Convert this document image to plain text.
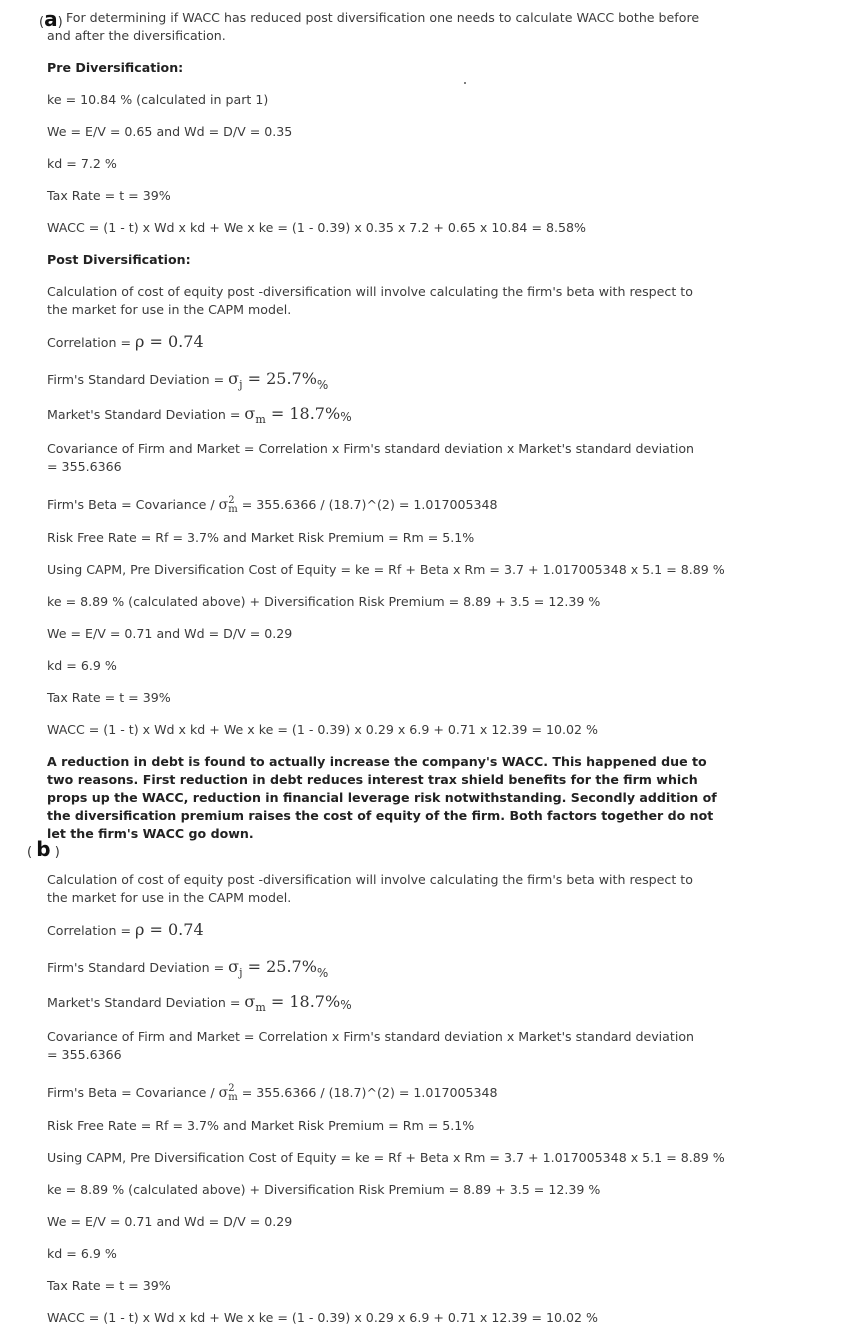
(a) For determining if WACC has reduced post diversification one needs to calculate WACC bothe before and after the diversification.
Pre Diversification:
ke = 10.84 % (calculated in part 1)
We = E/V = 0.65 and Wd = D/V = 0.35
kd = 7.2 %
Tax Rate = t = 39%
WACC = (1 - t) x Wd x kd + We x ke = (1 - 0.39) x 0.35 x 7.2 + 0.65 x 10.84 = 8.58%
Post Diversification:
Calculation of cost of equity post -diversification will involve calculating the firm's beta with respect to the market for use in the CAPM model.
Correlation = ρ = 0.74
Firm's Standard Deviation = $\sigma_j = 25.7\%\%$
Market's Standard Deviation = $\sigma_m = 18.7\%\%$
Covariance of Firm and Market = Correlation x Firm's standard deviation x Market's standard deviation = 355.6366
Firm's Beta = Covariance / σ 2
m = 355.6366 / (18.7)^(2) = 1.017005348
Risk Free Rate = Rf = 3.7% and Market Risk Premium = Rm = 5.1%
Using CAPM, Pre Diversification Cost of Equity = ke = Rf + Beta x Rm = 3.7 + 1.017005348 x 5.1 = 8.89 %
ke = 8.89 % (calculated above) + Diversification Risk Premium = 8.89 + 3.5 = 12.39 %
We = E/V = 0.71 and Wd = D/V = 0.29
kd = 6.9 %
Tax Rate = t = 39%
WACC = (1 - t) x Wd x kd + We x ke = (1 - 0.39) x 0.29 x 6.9 + 0.71 x 12.39 = 10.02 %
A reduction in debt is found to actually increase the company's WACC. This happened due to two reasons. First reduction in debt reduces interest trax shield benefits for the firm which props up the WACC, reduction in financial leverage risk notwithstanding. Secondly addition of the diversification premium raises the cost of equity of the firm. Both factors together do not let the firm's WACC go down.
( b )
Calculation of cost of equity post -diversification will involve calculating the firm's beta with respect to the market for use in the CAPM model.
Correlation = ρ = 0.74
Firm's Standard Deviation = $\sigma_j = 25.7\%\%$
Market's Standard Deviation = $\sigma_m = 18.7\%\%$
Covariance of Firm and Market = Correlation x Firm's standard deviation x Market's standard deviation = 355.6366
Firm's Beta = Covariance / σ 2
m = 355.6366 / (18.7)^(2) = 1.017005348
Risk Free Rate = Rf = 3.7% and Market Risk Premium = Rm = 5.1%
Using CAPM, Pre Diversification Cost of Equity = ke = Rf + Beta x Rm = 3.7 + 1.017005348 x 5.1 = 8.89 %
ke = 8.89 % (calculated above) + Diversification Risk Premium = 8.89 + 3.5 = 12.39 %
We = E/V = 0.71 and Wd = D/V = 0.29
kd = 6.9 %
Tax Rate = t = 39%
WACC = (1 - t) x Wd x kd + We x ke = (1 - 0.39) x 0.29 x 6.9 + 0.71 x 12.39 = 10.02 %
